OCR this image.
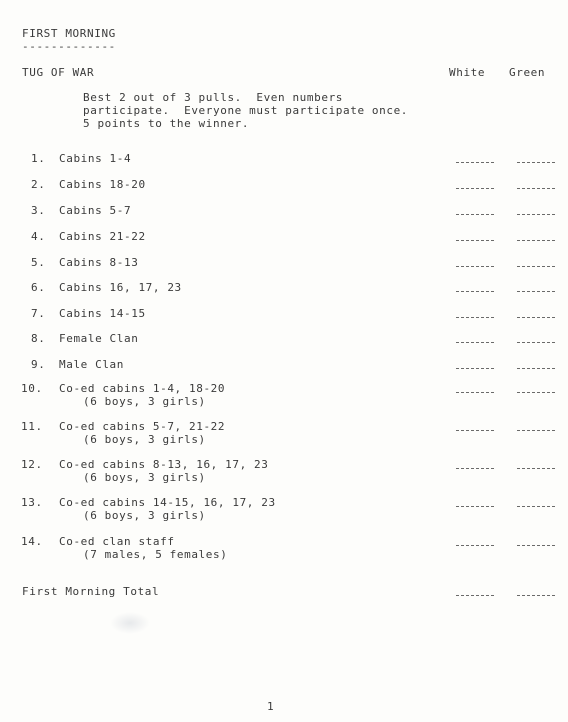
FIRST MORNING
-------------
TUG OF WAR	White Green
Best 2 out of 3 pulls.  Even numbers
participate.  Everyone must participate once.
5 points to the winner.
1. Cabins 1-4
2. Cabins 18-20
3. Cabins 5-7
4. Cabins 21-22
5. Cabins 8-13
6. Cabins 16, 17, 23
7. Cabins 14-15
8. Female Clan
9. Male Clan
10. Co-ed cabins 1-4, 18-20
(6 boys, 3 girls)
11. Co-ed cabins 5-7, 21-22
(6 boys, 3 girls)
12. Co-ed cabins 8-13, 16, 17, 23
(6 boys, 3 girls)
13. Co-ed cabins 14-15, 16, 17, 23
(6 boys, 3 girls)
14. Co-ed clan staff
(7 males, 5 females)
First Morning Total
1
